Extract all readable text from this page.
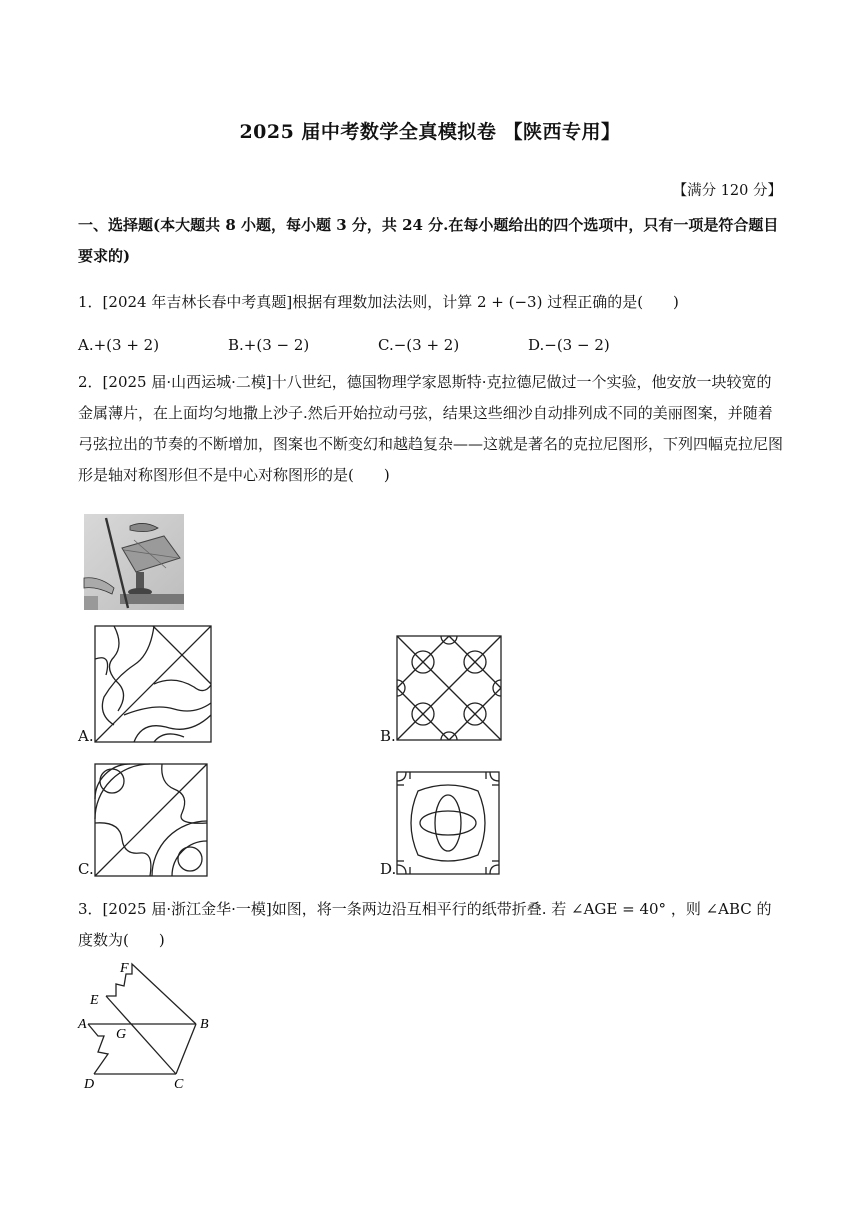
2025 届中考数学全真模拟卷 【陕西专用】
【满分 120 分】
一、选择题(本大题共 8 小题，每小题 3 分，共 24 分.在每小题给出的四个选项中，只有一项是符合题目要求的)
1．[2024 年吉林长春中考真题]根据有理数加法法则，计算 2 + (−3) 过程正确的是(　　)
A.+(3 + 2)	B.+(3 − 2)	C.−(3 + 2)	D.−(3 − 2)
2．[2025 届·山西运城·二模]十八世纪，德国物理学家恩斯特·克拉德尼做过一个实验，他安放一块较宽的金属薄片，在上面均匀地撒上沙子.然后开始拉动弓弦，结果这些细沙自动排列成不同的美丽图案，并随着弓弦拉出的节奏的不断增加，图案也不断变幻和越趋复杂——这就是著名的克拉尼图形，下列四幅克拉尼图形是轴对称图形但不是中心对称图形的是(　　)
A.	B.
C.	D.
3．[2025 届·浙江金华·一模]如图，将一条两边沿互相平行的纸带折叠. 若 ∠AGE = 40° ，则 ∠ABC 的度数为(　　)
F
E
A
G
B
D	C
